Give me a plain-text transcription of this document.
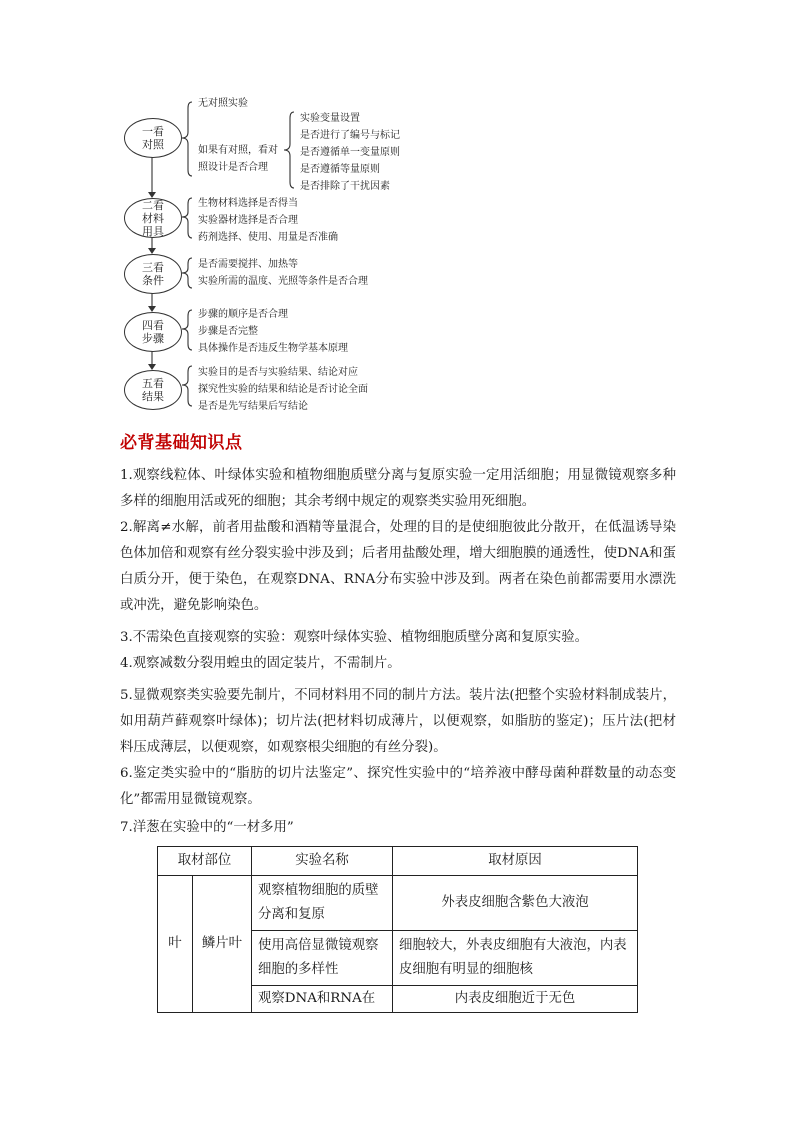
一看对照
二看材料用具
三看条件
四看步骤
五看结果
无对照实验
如果有对照，看对
照设计是否合理
实验变量设置
是否进行了编号与标记
是否遵循单一变量原则
是否遵循等量原则
是否排除了干扰因素
生物材料选择是否得当
实验器材选择是否合理
药剂选择、使用、用量是否准确
是否需要搅拌、加热等
实验所需的温度、光照等条件是否合理
步骤的顺序是否合理
步骤是否完整
具体操作是否违反生物学基本原理
实验目的是否与实验结果、结论对应
探究性实验的结果和结论是否讨论全面
是否是先写结果后写结论
必背基础知识点
1.观察线粒体、叶绿体实验和植物细胞质壁分离与复原实验一定用活细胞；用显微镜观察多种多样的细胞用活或死的细胞；其余考纲中规定的观察类实验用死细胞。
2.解离≠水解，前者用盐酸和酒精等量混合，处理的目的是使细胞彼此分散开，在低温诱导染色体加倍和观察有丝分裂实验中涉及到；后者用盐酸处理，增大细胞膜的通透性，使DNA和蛋白质分开，便于染色，在观察DNA、RNA分布实验中涉及到。两者在染色前都需要用水漂洗或冲洗，避免影响染色。
3.不需染色直接观察的实验：观察叶绿体实验、植物细胞质壁分离和复原实验。
4.观察减数分裂用蝗虫的固定装片，不需制片。
5.显微观察类实验要先制片，不同材料用不同的制片方法。装片法(把整个实验材料制成装片，如用葫芦藓观察叶绿体)；切片法(把材料切成薄片，以便观察，如脂肪的鉴定)；压片法(把材料压成薄层，以便观察，如观察根尖细胞的有丝分裂)。
6.鉴定类实验中的“脂肪的切片法鉴定”、探究性实验中的“培养液中酵母菌种群数量的动态变化”都需用显微镜观察。
7.洋葱在实验中的“一材多用”
取材部位		实验名称	取材原因
叶	鳞片叶	观察植物细胞的质壁分离和复原	外表皮细胞含紫色大液泡
		使用高倍显微镜观察细胞的多样性	细胞较大，外表皮细胞有大液泡，内表皮细胞有明显的细胞核
		观察DNA和RNA在	内表皮细胞近于无色
